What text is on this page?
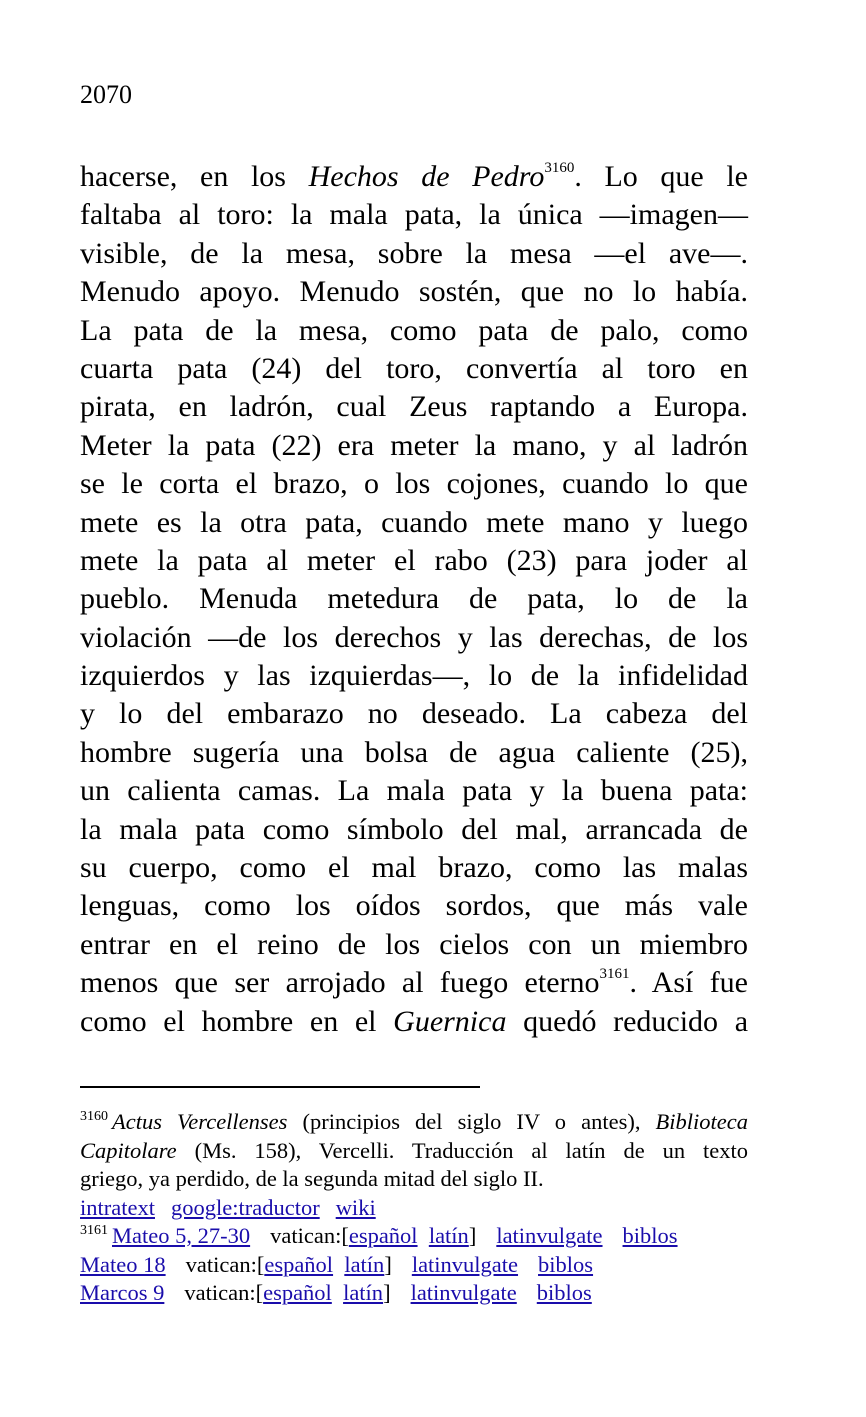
2070
hacerse, en los Hechos de Pedro$^{3160}$. Lo que le
faltaba al toro: la mala pata, la única —imagen—
visible, de la mesa, sobre la mesa —el ave—.
Menudo apoyo. Menudo sostén, que no lo había.
La pata de la mesa, como pata de palo, como
cuarta pata (24) del toro, convertía al toro en
pirata, en ladrón, cual Zeus raptando a Europa.
Meter la pata (22) era meter la mano, y al ladrón
se le corta el brazo, o los cojones, cuando lo que
mete es la otra pata, cuando mete mano y luego
mete la pata al meter el rabo (23) para joder al
pueblo. Menuda metedura de pata, lo de la
violación —de los derechos y las derechas, de los
izquierdos y las izquierdas—, lo de la infidelidad
y lo del embarazo no deseado. La cabeza del
hombre sugería una bolsa de agua caliente (25),
un calienta camas. La mala pata y la buena pata:
la mala pata como símbolo del mal, arrancada de
su cuerpo, como el mal brazo, como las malas
lenguas, como los oídos sordos, que más vale
entrar en el reino de los cielos con un miembro
menos que ser arrojado al fuego eterno$^{3161}$. Así fue
como el hombre en el Guernica quedó reducido a
$^{3160}$ Actus Vercellenses (principios del siglo IV o antes), Biblioteca
Capitolare (Ms. 158), Vercelli. Traducción al latín de un texto
griego, ya perdido, de la segunda mitad del siglo II.
intratext google:traductor wiki
$^{3161}$ Mateo 5, 27-30 vatican:[español latín] latinvulgate biblos
Mateo 18 vatican:[español latín] latinvulgate biblos
Marcos 9 vatican:[español latín] latinvulgate biblos
